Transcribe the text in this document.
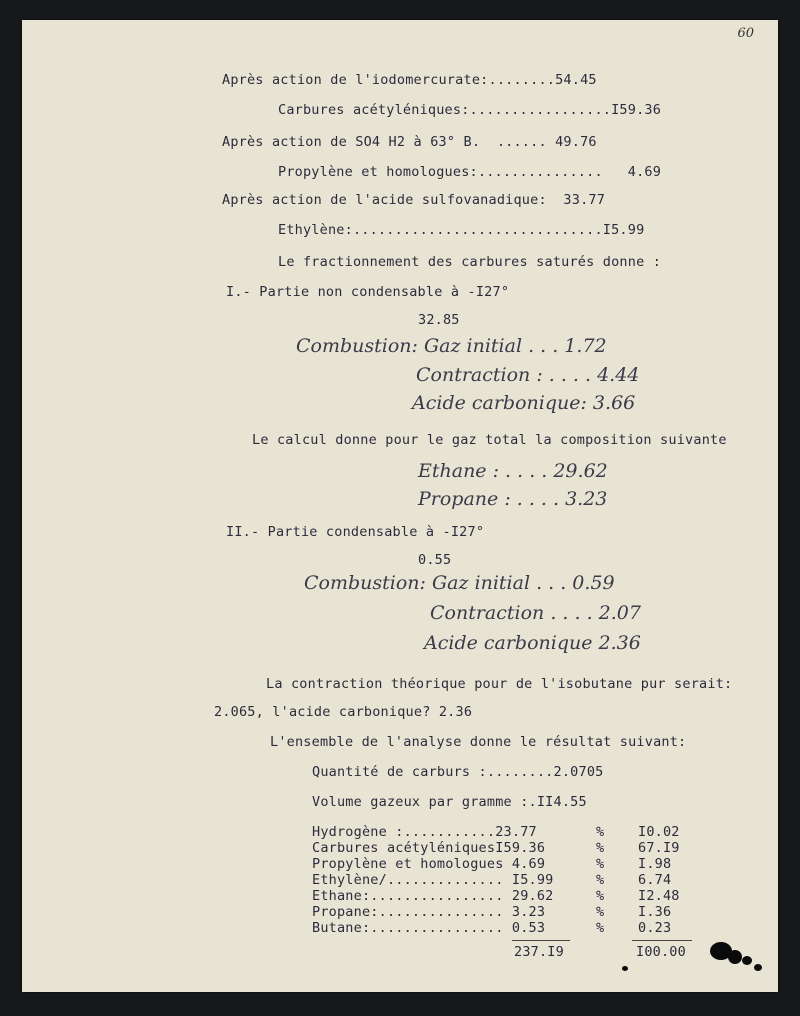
60
Après action de l'iodomercurate:........54.45
Carbures acétyléniques:.................I59.36
Après action de SO4 H2 à 63° B.  ...... 49.76
Propylène et homologues:...............   4.69
Après action de l'acide sulfovanadique:  33.77
Ethylène:..............................I5.99
Le fractionnement des carbures saturés donne :
I.- Partie non condensable à -I27°
32.85
Combustion: Gaz initial . . . 1.72
Contraction : . . . . 4.44
Acide carbonique: 3.66
Le calcul donne pour le gaz total la composition suivante
Ethane : . . . . 29.62
Propane : . . . . 3.23
II.- Partie condensable à -I27°
0.55
Combustion: Gaz initial . . . 0.59
Contraction . . . . 2.07
Acide carbonique 2.36
La contraction théorique pour de l'isobutane pur serait:
2.065, l'acide carbonique? 2.36
L'ensemble de l'analyse donne le résultat suivant:
Quantité de carburs :........2.0705
Volume gazeux par gramme :.II4.55
Hydrogène :...........23.77	% I0.02
Carbures acétyléniquesI59.36	% 67.I9
Propylène et homologues 4.69	% I.98
Ethylène/.............. I5.99	% 6.74
Ethane:................ 29.62	% I2.48
Propane:............... 3.23	% I.36
Butane:................ 0.53	% 0.23
237.I9	I00.00
